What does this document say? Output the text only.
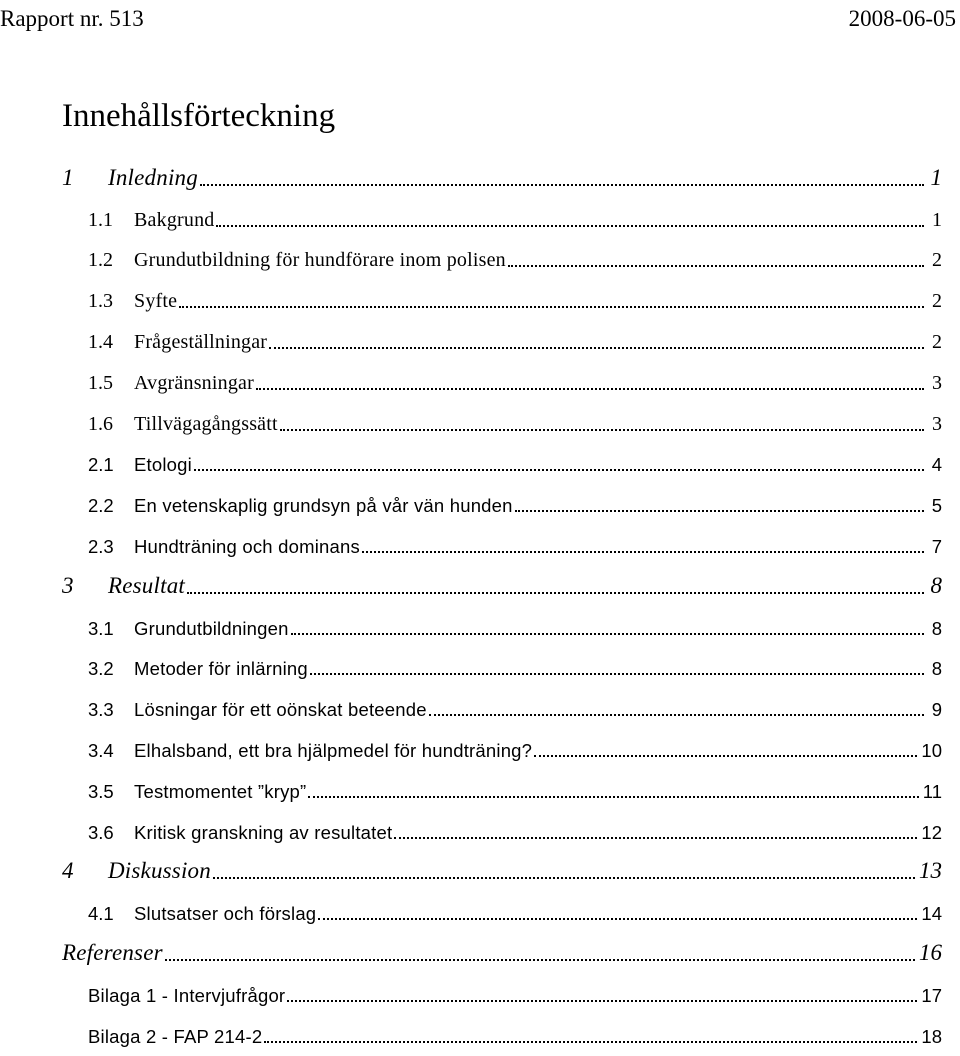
Rapport nr. 513	2008-06-05
Innehållsförteckning
1	Inledning	1
1.1	Bakgrund	1
1.2	Grundutbildning för hundförare inom polisen	2
1.3	Syfte	2
1.4	Frågeställningar	2
1.5	Avgränsningar	3
1.6	Tillvägagångssätt	3
2.1	Etologi	4
2.2	En vetenskaplig grundsyn på vår vän hunden	5
2.3	Hundträning och dominans	7
3	Resultat	8
3.1	Grundutbildningen	8
3.2	Metoder för inlärning	8
3.3	Lösningar för ett oönskat beteende	9
3.4	Elhalsband, ett bra hjälpmedel för hundträning?	10
3.5	Testmomentet ”kryp”	11
3.6	Kritisk granskning av resultatet	12
4	Diskussion	13
4.1	Slutsatser och förslag	14
Referenser	16
Bilaga 1 - Intervjufrågor	17
Bilaga 2 - FAP 214-2	18
